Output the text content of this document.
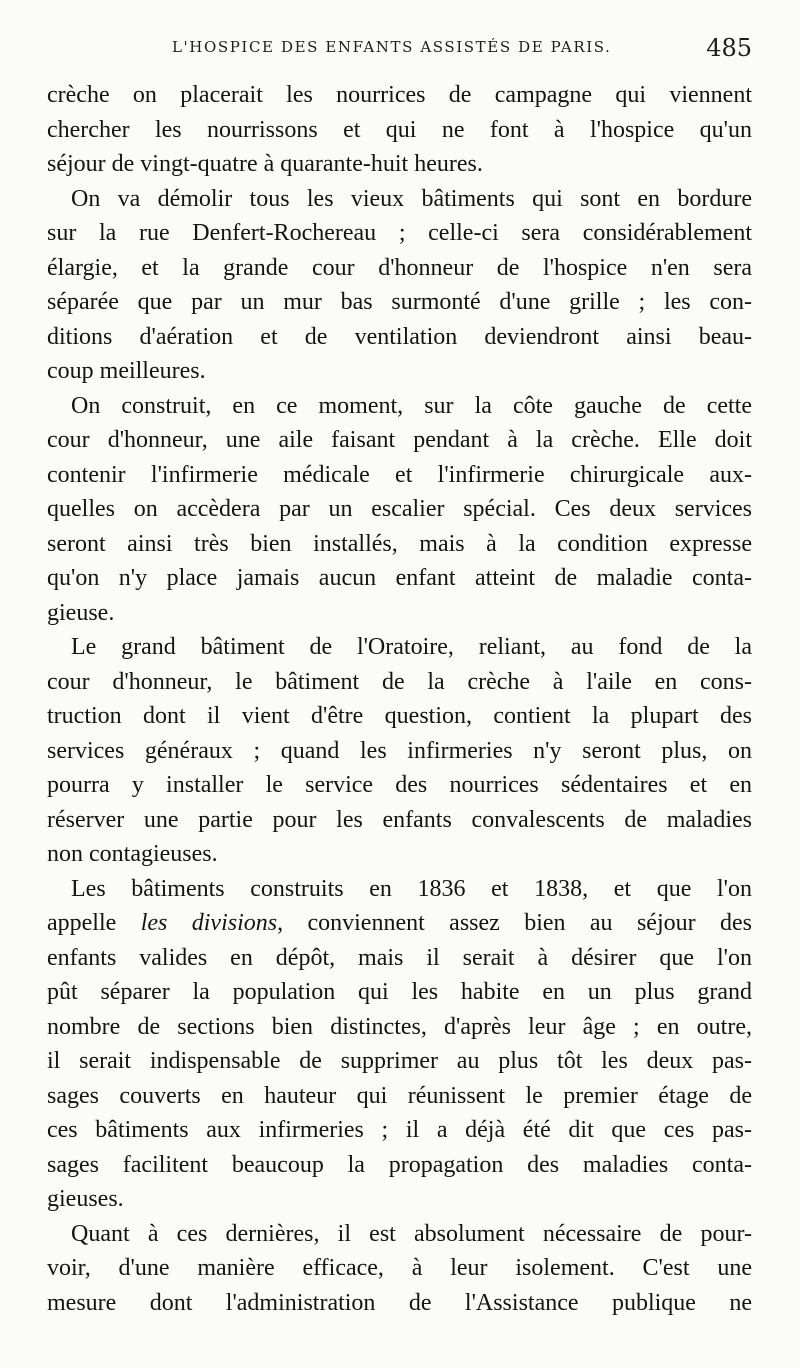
L'HOSPICE DES ENFANTS ASSISTÉS DE PARIS.	485
crèche on placerait les nourrices de campagne qui viennent
chercher les nourrissons et qui ne font à l'hospice qu'un
séjour de vingt-quatre à quarante-huit heures.
On va démolir tous les vieux bâtiments qui sont en bordure
sur la rue Denfert-Rochereau ; celle-ci sera considérablement
élargie, et la grande cour d'honneur de l'hospice n'en sera
séparée que par un mur bas surmonté d'une grille ; les con-
ditions d'aération et de ventilation deviendront ainsi beau-
coup meilleures.
On construit, en ce moment, sur la côte gauche de cette
cour d'honneur, une aile faisant pendant à la crèche. Elle doit
contenir l'infirmerie médicale et l'infirmerie chirurgicale aux-
quelles on accèdera par un escalier spécial. Ces deux services
seront ainsi très bien installés, mais à la condition expresse
qu'on n'y place jamais aucun enfant atteint de maladie conta-
gieuse.
Le grand bâtiment de l'Oratoire, reliant, au fond de la
cour d'honneur, le bâtiment de la crèche à l'aile en cons-
truction dont il vient d'être question, contient la plupart des
services généraux ; quand les infirmeries n'y seront plus, on
pourra y installer le service des nourrices sédentaires et en
réserver une partie pour les enfants convalescents de maladies
non contagieuses.
Les bâtiments construits en 1836 et 1838, et que l'on
appelle les divisions, conviennent assez bien au séjour des
enfants valides en dépôt, mais il serait à désirer que l'on
pût séparer la population qui les habite en un plus grand
nombre de sections bien distinctes, d'après leur âge ; en outre,
il serait indispensable de supprimer au plus tôt les deux pas-
sages couverts en hauteur qui réunissent le premier étage de
ces bâtiments aux infirmeries ; il a déjà été dit que ces pas-
sages facilitent beaucoup la propagation des maladies conta-
gieuses.
Quant à ces dernières, il est absolument nécessaire de pour-
voir, d'une manière efficace, à leur isolement. C'est une
mesure dont l'administration de l'Assistance publique ne
